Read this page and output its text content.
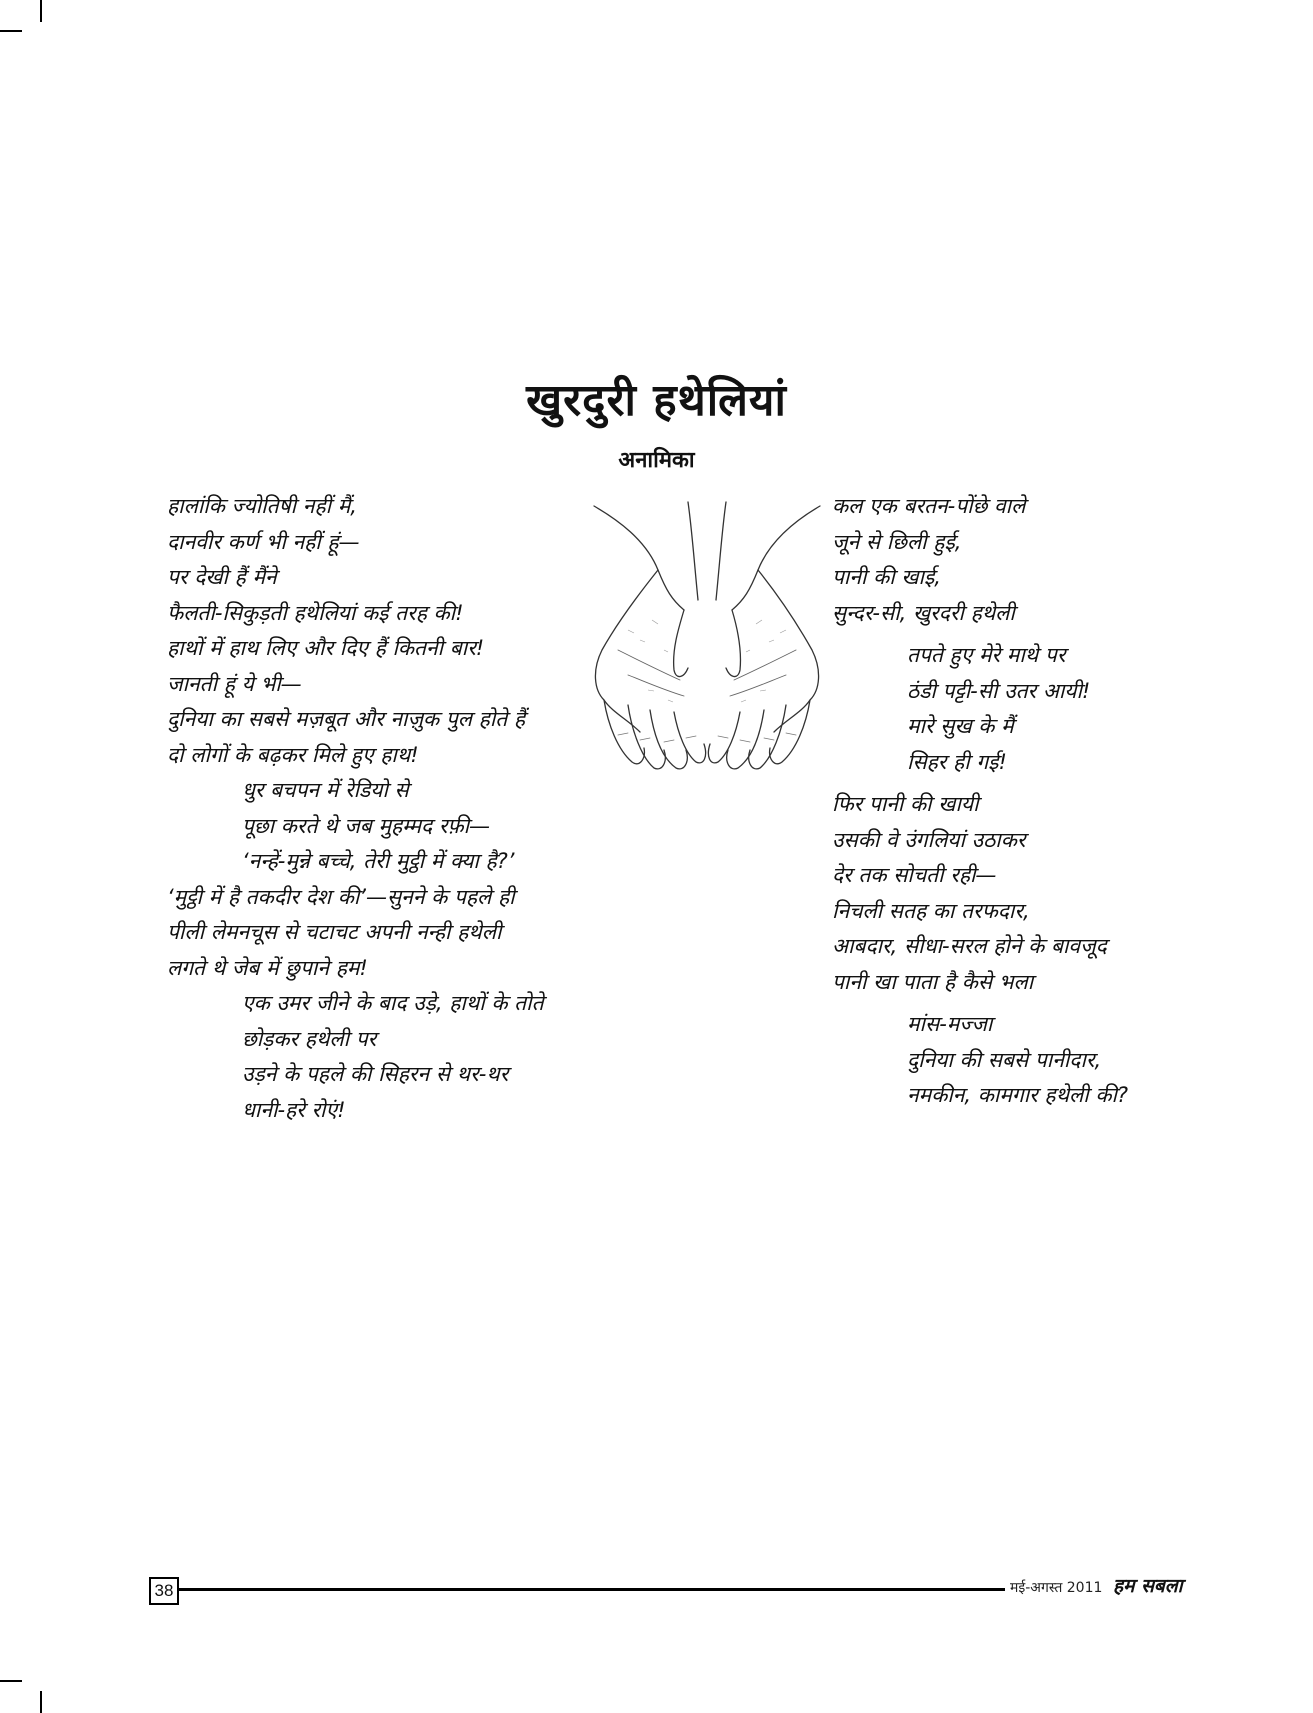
खुरदुरी हथेलियां
अनामिका
हालांकि ज्योतिषी नहीं मैं,
दानवीर कर्ण भी नहीं हूं—
पर देखी हैं मैंने
फैलती-सिकुड़ती हथेलियां कई तरह की!
हाथों में हाथ लिए और दिए हैं कितनी बार!
जानती हूं ये भी—
दुनिया का सबसे मज़बूत और नाज़ुक पुल होते हैं
दो लोगों के बढ़कर मिले हुए हाथ!
धुर बचपन में रेडियो से
पूछा करते थे जब मुहम्मद रफ़ी—
‘नन्हें-मुन्ने बच्चे, तेरी मुट्ठी में क्या है?’
‘मुट्ठी में है तकदीर देश की’—सुनने के पहले ही
पीली लेमनचूस से चटाचट अपनी नन्ही हथेली
लगते थे जेब में छुपाने हम!
एक उमर जीने के बाद उड़े, हाथों के तोते
छोड़कर हथेली पर
उड़ने के पहले की सिहरन से थर-थर
धानी-हरे रोएं!
कल एक बरतन-पोंछे वाले
जूने से छिली हुई,
पानी की खाई,
सुन्दर-सी, खुरदरी हथेली
तपते हुए मेरे माथे पर
ठंडी पट्टी-सी उतर आयी!
मारे सुख के मैं
सिहर ही गई!
फिर पानी की खायी
उसकी वे उंगलियां उठाकर
देर तक सोचती रही—
निचली सतह का तरफदार,
आबदार, सीधा-सरल होने के बावजूद
पानी खा पाता है कैसे भला
मांस-मज्जा
दुनिया की सबसे पानीदार,
नमकीन, कामगार हथेली की?
38	मई-अगस्त 2011 हम सबला
